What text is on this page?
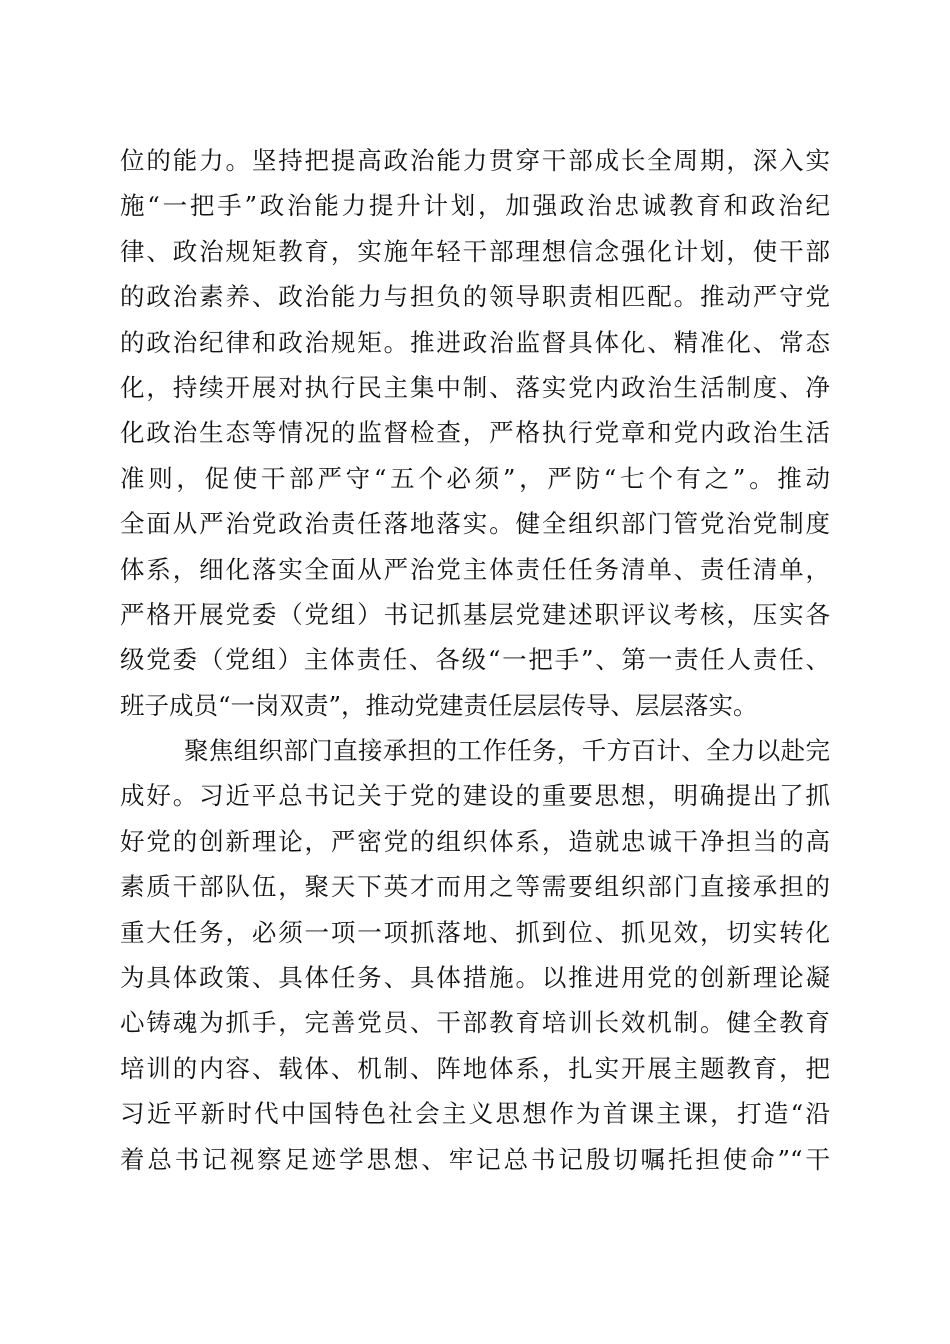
位的能力。坚持把提高政治能力贯穿干部成长全周期，深入实
施“一把手”政治能力提升计划，加强政治忠诚教育和政治纪
律、政治规矩教育，实施年轻干部理想信念强化计划，使干部
的政治素养、政治能力与担负的领导职责相匹配。推动严守党
的政治纪律和政治规矩。推进政治监督具体化、精准化、常态
化，持续开展对执行民主集中制、落实党内政治生活制度、净
化政治生态等情况的监督检查，严格执行党章和党内政治生活
准则，促使干部严守“五个必须”，严防“七个有之”。推动
全面从严治党政治责任落地落实。健全组织部门管党治党制度
体系，细化落实全面从严治党主体责任任务清单、责任清单，
严格开展党委（党组）书记抓基层党建述职评议考核，压实各
级党委（党组）主体责任、各级“一把手”、第一责任人责任、
班子成员“一岗双责”，推动党建责任层层传导、层层落实。
聚焦组织部门直接承担的工作任务，千方百计、全力以赴完
成好。习近平总书记关于党的建设的重要思想，明确提出了抓
好党的创新理论，严密党的组织体系，造就忠诚干净担当的高
素质干部队伍，聚天下英才而用之等需要组织部门直接承担的
重大任务，必须一项一项抓落地、抓到位、抓见效，切实转化
为具体政策、具体任务、具体措施。以推进用党的创新理论凝
心铸魂为抓手，完善党员、干部教育培训长效机制。健全教育
培训的内容、载体、机制、阵地体系，扎实开展主题教育，把
习近平新时代中国特色社会主义思想作为首课主课，打造“沿
着总书记视察足迹学思想、牢记总书记殷切嘱托担使命”“干
